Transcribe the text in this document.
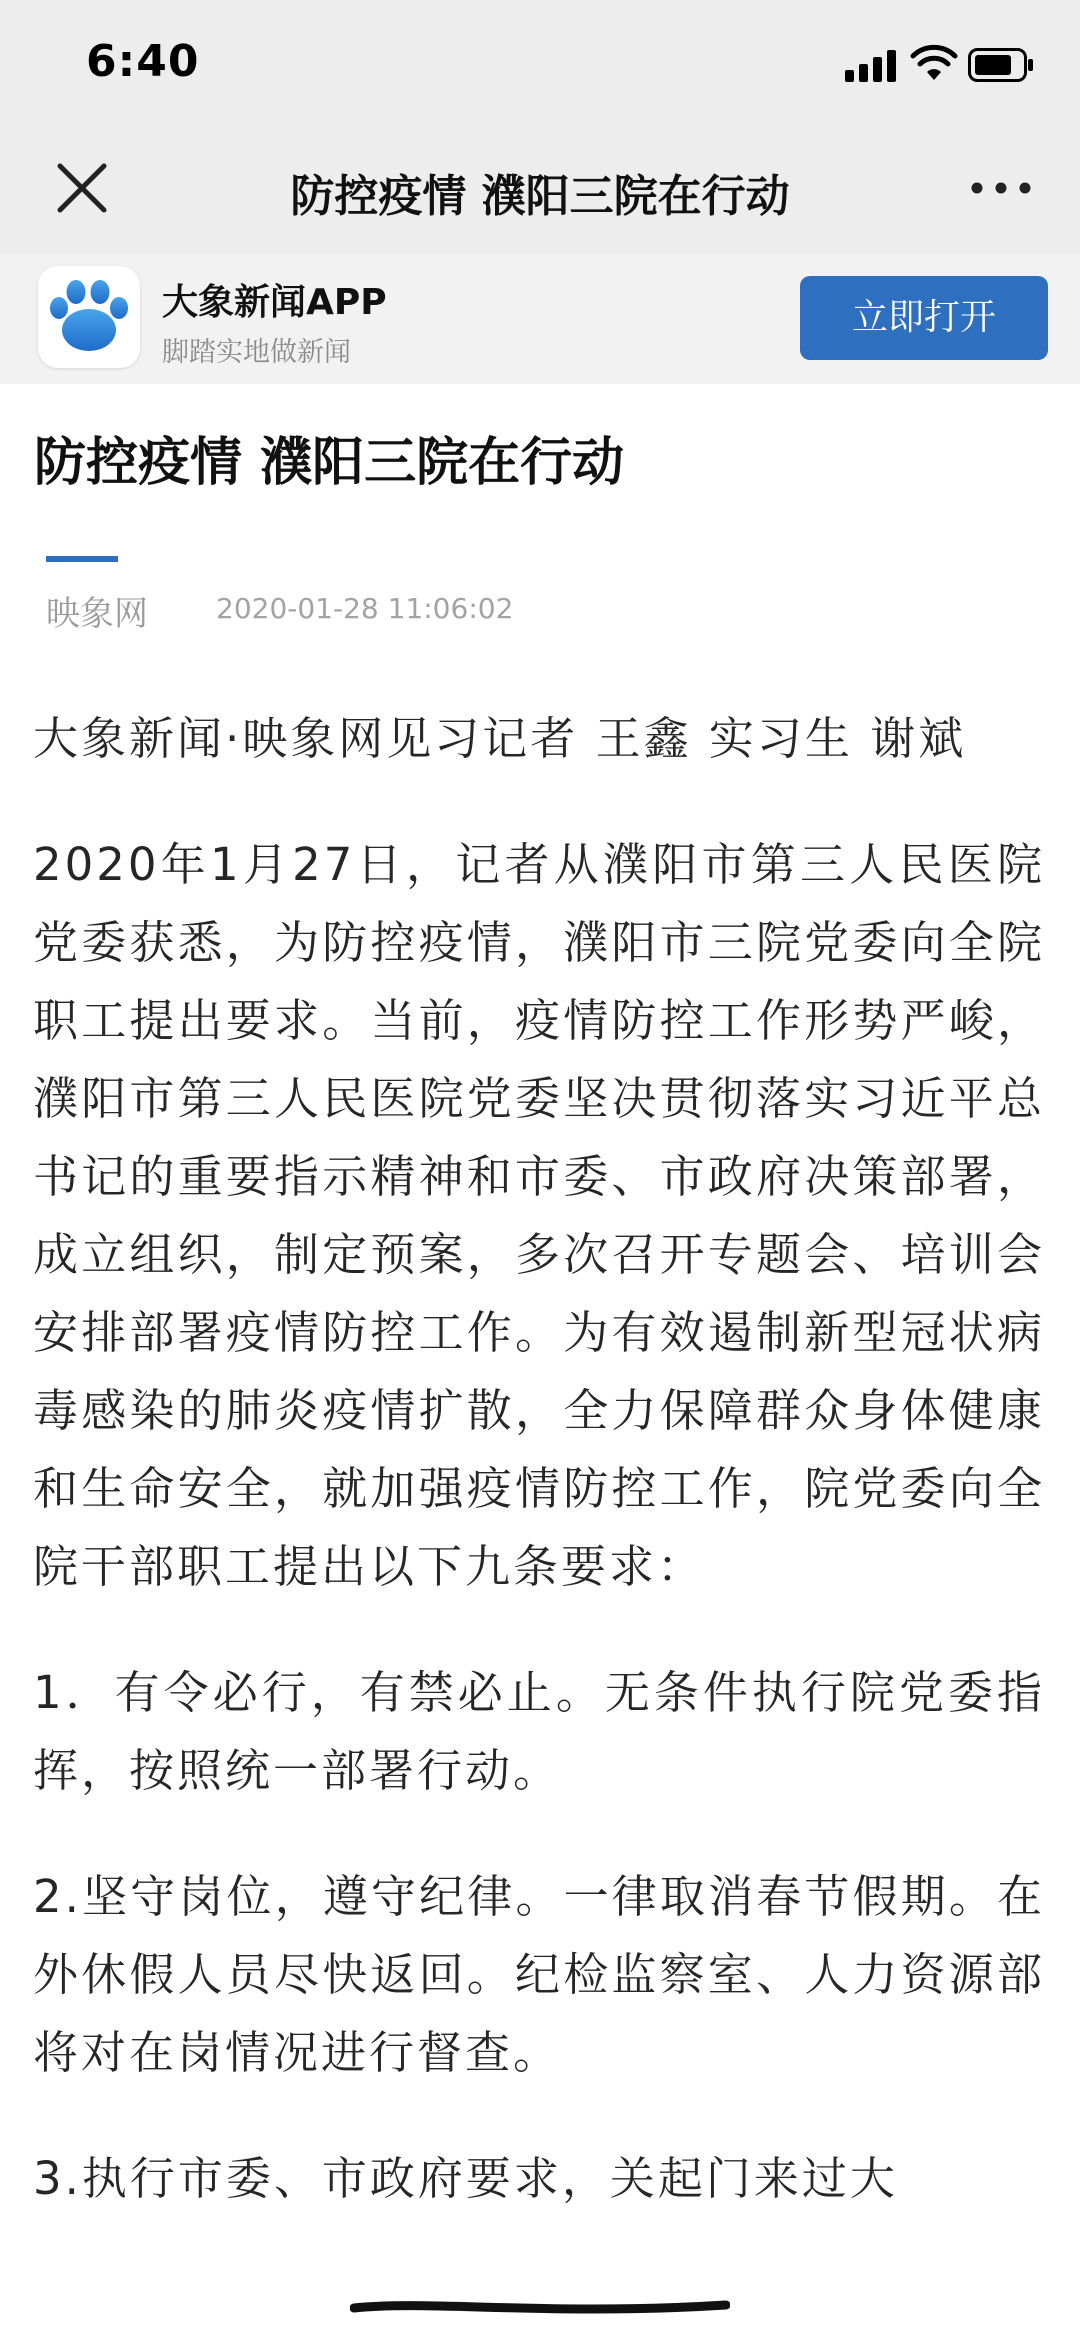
6:40
防控疫情 濮阳三院在行动
大象新闻APP
脚踏实地做新闻
立即打开
防控疫情 濮阳三院在行动
映象网 2020-01-28 11:06:02

大象新闻·映象网见习记者 王鑫 实习生 谢斌

2020年1月27日，记者从濮阳市第三人民医院党委获悉，为防控疫情，濮阳市三院党委向全院职工提出要求。当前，疫情防控工作形势严峻，濮阳市第三人民医院党委坚决贯彻落实习近平总书记的重要指示精神和市委、市政府决策部署，成立组织，制定预案，多次召开专题会、培训会安排部署疫情防控工作。为有效遏制新型冠状病毒感染的肺炎疫情扩散，全力保障群众身体健康和生命安全，就加强疫情防控工作，院党委向全院干部职工提出以下九条要求：

1．有令必行，有禁必止。无条件执行院党委指挥，按照统一部署行动。

2.坚守岗位，遵守纪律。一律取消春节假期。在外休假人员尽快返回。纪检监察室、人力资源部将对在岗情况进行督查。

3.执行市委、市政府要求，关起门来过大
